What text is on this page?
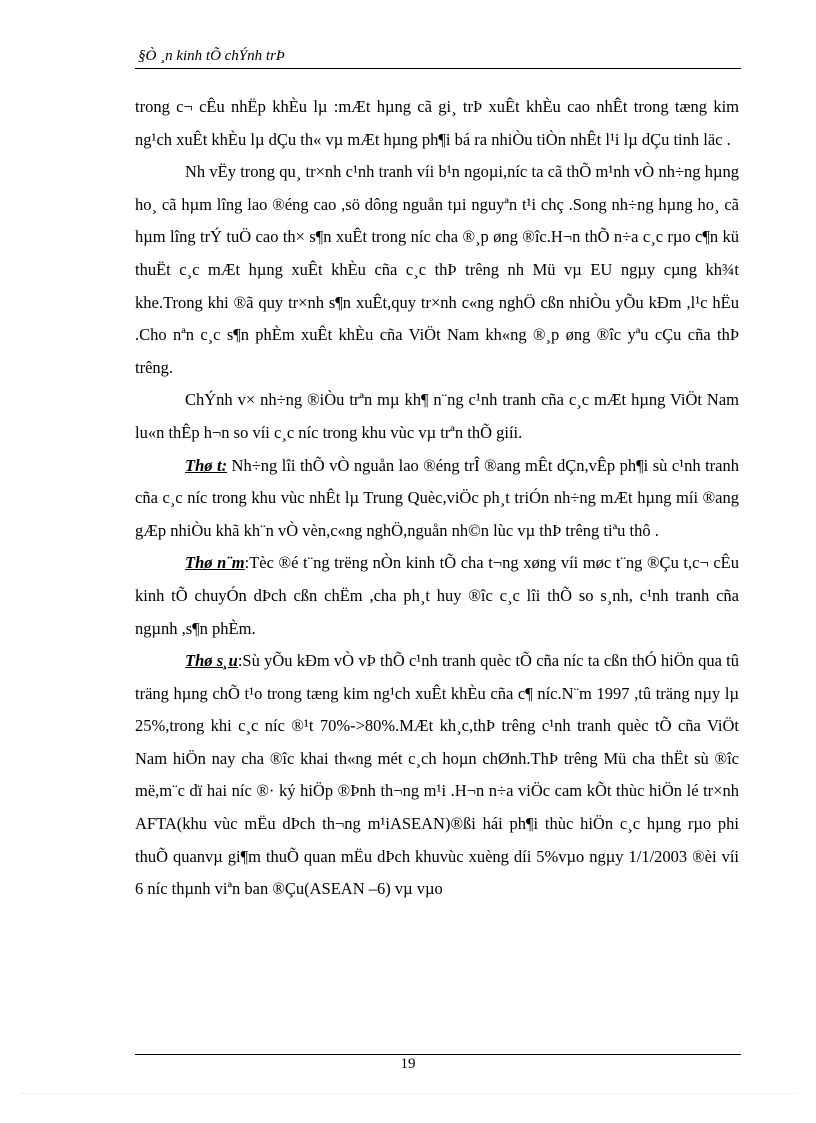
§Ò ¸n kinh tÕ chÝnh trÞ

trong c¬ cÊu nhËp khÈu lµ :mÆt hµng cã gi¸ trÞ xuÊt khÈu cao nhÊt trong tæng kim ng¹ch xuÊt khÈu lµ dÇu th« vµ mÆt hµng ph¶i bá ra nhiÒu tiÒn nhÊt l¹i lµ dÇu tinh läc .

Nh vËy trong qu¸ tr×nh c¹nh tranh víi b¹n ngoµi,níc ta cã thÕ m¹nh vÒ nh÷ng hµng ho¸ cã hµm lîng lao ®éng cao ,sö dông nguån tµi nguyªn t¹i chç .Song nh÷ng hµng ho¸ cã hµm lîng trÝ tuÖ cao th× s¶n xuÊt trong níc cha ®¸p øng ®îc.H¬n thÕ n÷a c¸c rµo c¶n kü thuËt c¸c mÆt hµng xuÊt khÈu cña c¸c thÞ trêng nh Mü vµ EU ngµy cµng kh¾t khe.Trong khi ®ã quy tr×nh s¶n xuÊt,quy tr×nh c«ng nghÖ cßn nhiÒu yÕu kÐm ,l¹c hËu .Cho nªn c¸c s¶n phÈm xuÊt khÈu cña ViÖt Nam kh«ng ®¸p øng ®îc yªu cÇu cña thÞ trêng.

ChÝnh v× nh÷ng ®iÒu trªn mµ kh¶ n¨ng c¹nh tranh cña c¸c mÆt hµng ViÖt Nam lu«n thÊp h¬n so víi c¸c níc trong khu vùc vµ trªn thÕ giíi.

Thø t: Nh÷ng lîi thÕ vÒ nguån lao ®éng trÎ ®ang mÊt dÇn,vÊp ph¶i sù c¹nh tranh cña c¸c níc trong khu vùc nhÊt lµ Trung Quèc,viÖc ph¸t triÓn nh÷ng mÆt hµng míi ®ang gÆp nhiÒu khã kh¨n vÒ vèn,c«ng nghÖ,nguån nh©n lùc vµ thÞ trêng tiªu thô .

Thø n¨m:Tèc ®é t¨ng trëng nÒn kinh tÕ cha t¬ng xøng víi møc t¨ng ®Çu t,c¬ cÊu kinh tÕ chuyÓn dÞch cßn chËm ,cha ph¸t huy ®îc c¸c lîi thÕ so s¸nh, c¹nh tranh cña ngµnh ,s¶n phÈm.

Thø s¸u:Sù yÕu kÐm vÒ vÞ thÕ c¹nh tranh quèc tÕ cña níc ta cßn thÓ hiÖn qua tû träng hµng chÕ t¹o trong tæng kim ng¹ch xuÊt khÈu cña c¶ níc.N¨m 1997 ,tû träng nµy lµ 25%,trong khi c¸c níc ®¹t 70%->80%.MÆt kh¸c,thÞ trêng c¹nh tranh quèc tÕ cña ViÖt Nam hiÖn nay cha ®îc khai th«ng mét c¸ch hoµn chØnh.ThÞ trêng Mü cha thËt sù ®îc më,m¨c dï hai níc ®· ký hiÖp ®Þnh th¬ng m¹i .H¬n n÷a viÖc cam kÕt thùc hiÖn lé tr×nh AFTA(khu vùc mËu dÞch th¬ng m¹iASEAN)®ßi hái ph¶i thùc hiÖn c¸c hµng rµo phi thuÕ quanvµ gi¶m thuÕ quan mËu dÞch khuvùc xuèng díi 5%vµo ngµy 1/1/2003 ®èi víi 6 níc thµnh viªn ban ®Çu(ASEAN –6) vµ vµo

19
